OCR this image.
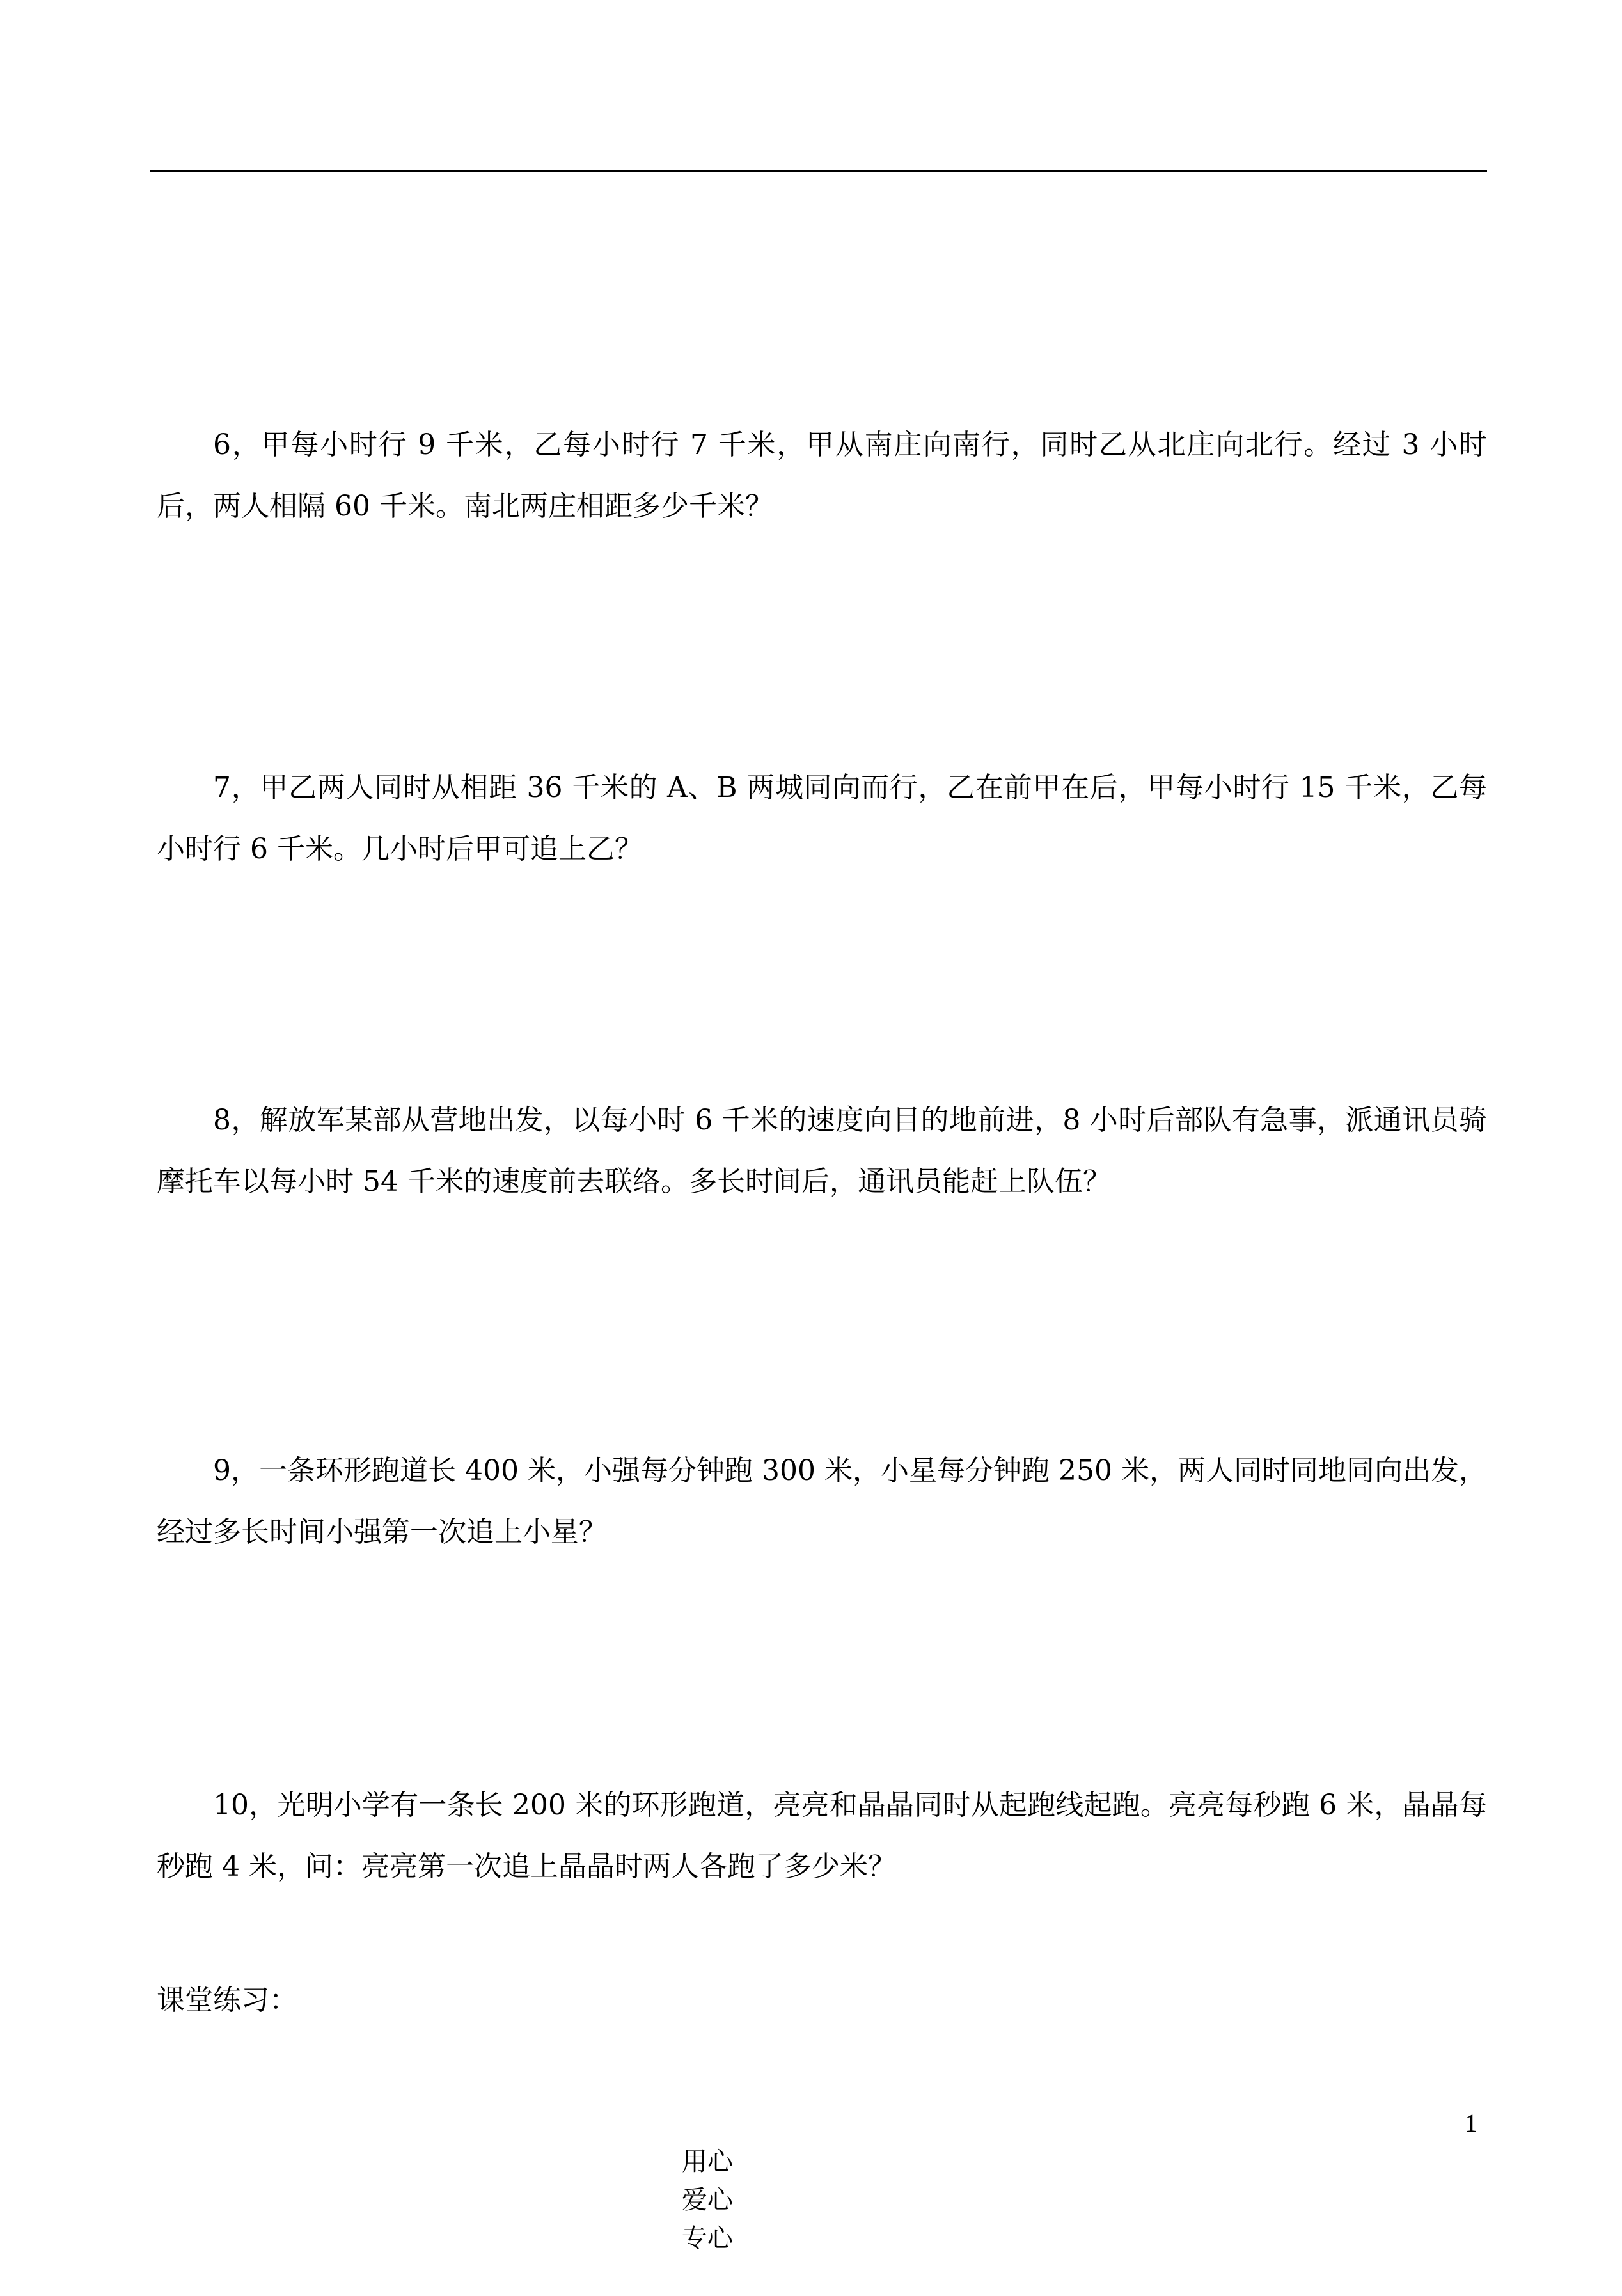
6，甲每小时行 9 千米，乙每小时行 7 千米，甲从南庄向南行，同时乙从北庄向北行。经过 3 小时后，两人相隔 60 千米。南北两庄相距多少千米？

7，甲乙两人同时从相距 36 千米的 A、B 两城同向而行，乙在前甲在后，甲每小时行 15 千米，乙每小时行 6 千米。几小时后甲可追上乙？

8，解放军某部从营地出发，以每小时 6 千米的速度向目的地前进，8 小时后部队有急事，派通讯员骑摩托车以每小时 54 千米的速度前去联络。多长时间后，通讯员能赶上队伍？

9，一条环形跑道长 400 米，小强每分钟跑 300 米，小星每分钟跑 250 米，两人同时同地同向出发，经过多长时间小强第一次追上小星？

10，光明小学有一条长 200 米的环形跑道，亮亮和晶晶同时从起跑线起跑。亮亮每秒跑 6 米，晶晶每秒跑 4 米，问：亮亮第一次追上晶晶时两人各跑了多少米？

课堂练习：

用心
爱心
专心

1
